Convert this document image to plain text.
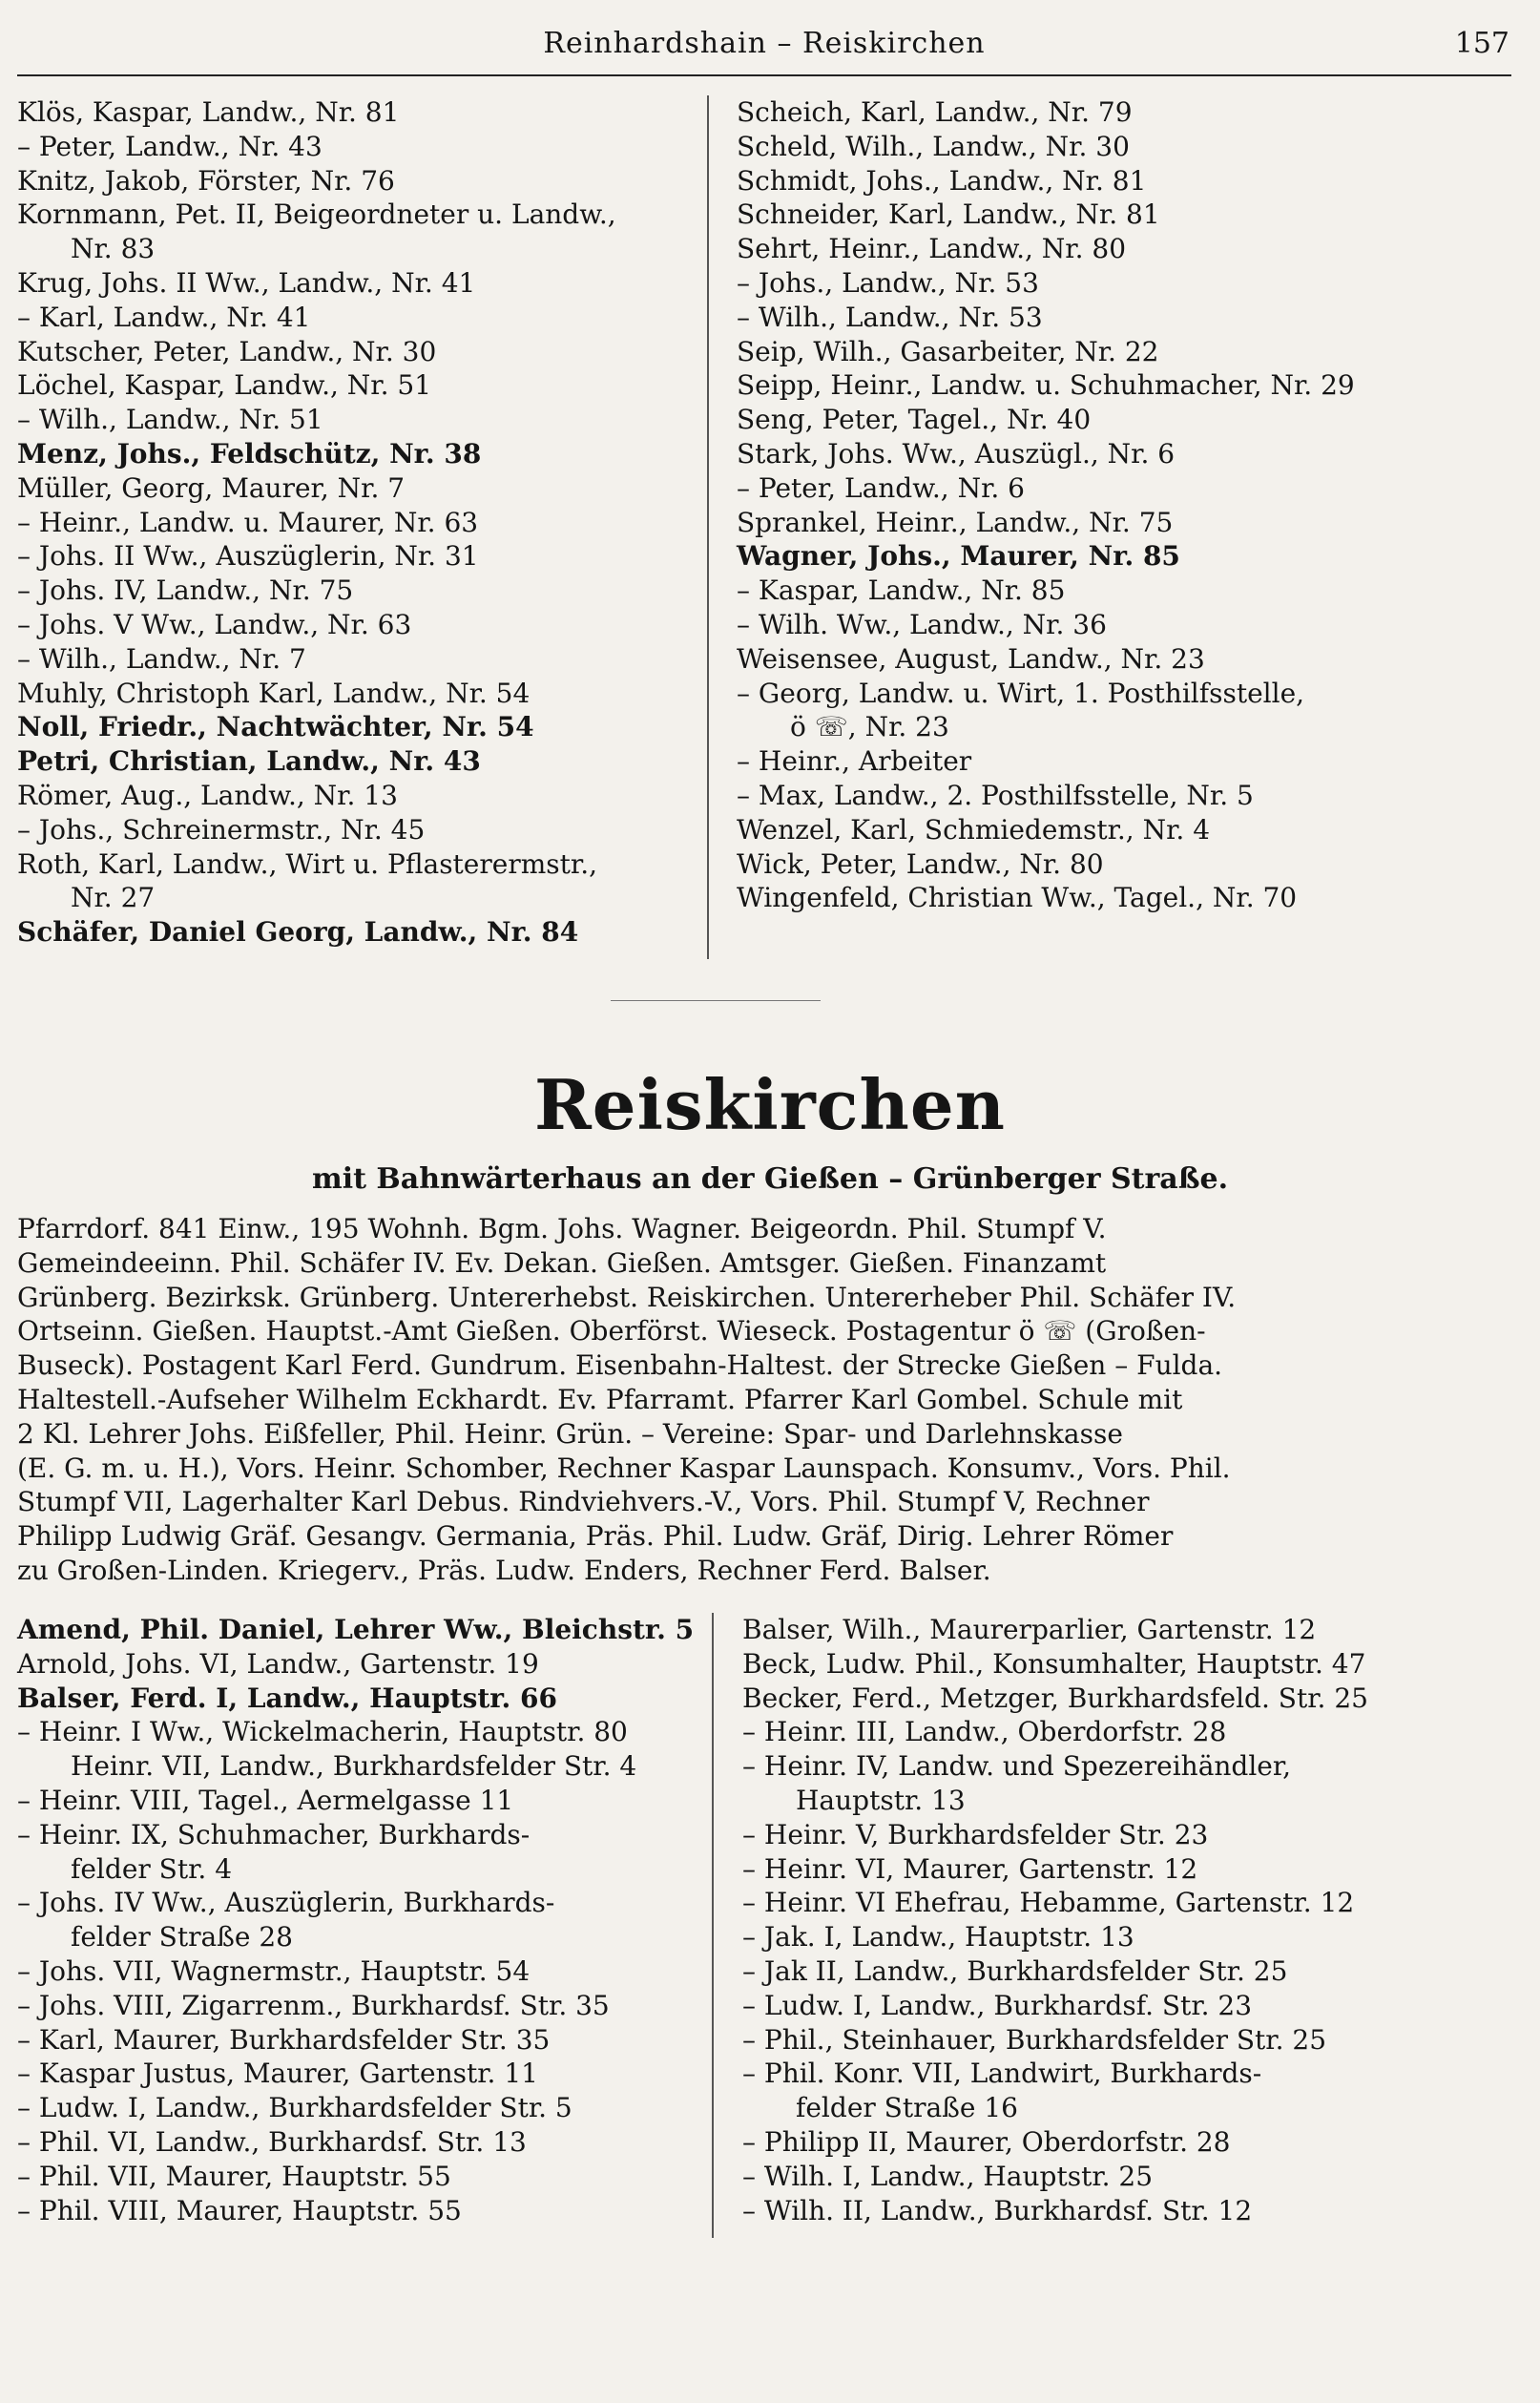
Reinhardshain – Reiskirchen	157
Klös, Kaspar, Landw., Nr. 81
– Peter, Landw., Nr. 43
Knitz, Jakob, Förster, Nr. 76
Kornmann, Pet. II, Beigeordneter u. Landw.,
Nr. 83
Krug, Johs. II Ww., Landw., Nr. 41
– Karl, Landw., Nr. 41
Kutscher, Peter, Landw., Nr. 30
Löchel, Kaspar, Landw., Nr. 51
– Wilh., Landw., Nr. 51
Menz, Johs., Feldschütz, Nr. 38
Müller, Georg, Maurer, Nr. 7
– Heinr., Landw. u. Maurer, Nr. 63
– Johs. II Ww., Auszüglerin, Nr. 31
– Johs. IV, Landw., Nr. 75
– Johs. V Ww., Landw., Nr. 63
– Wilh., Landw., Nr. 7
Muhly, Christoph Karl, Landw., Nr. 54
Noll, Friedr., Nachtwächter, Nr. 54
Petri, Christian, Landw., Nr. 43
Römer, Aug., Landw., Nr. 13
– Johs., Schreinermstr., Nr. 45
Roth, Karl, Landw., Wirt u. Pflasterermstr.,
Nr. 27
Schäfer, Daniel Georg, Landw., Nr. 84
Scheich, Karl, Landw., Nr. 79
Scheld, Wilh., Landw., Nr. 30
Schmidt, Johs., Landw., Nr. 81
Schneider, Karl, Landw., Nr. 81
Sehrt, Heinr., Landw., Nr. 80
– Johs., Landw., Nr. 53
– Wilh., Landw., Nr. 53
Seip, Wilh., Gasarbeiter, Nr. 22
Seipp, Heinr., Landw. u. Schuhmacher, Nr. 29
Seng, Peter, Tagel., Nr. 40
Stark, Johs. Ww., Auszügl., Nr. 6
– Peter, Landw., Nr. 6
Sprankel, Heinr., Landw., Nr. 75
Wagner, Johs., Maurer, Nr. 85
– Kaspar, Landw., Nr. 85
– Wilh. Ww., Landw., Nr. 36
Weisensee, August, Landw., Nr. 23
– Georg, Landw. u. Wirt, 1. Posthilfsstelle,
ö ☏, Nr. 23
– Heinr., Arbeiter
– Max, Landw., 2. Posthilfsstelle, Nr. 5
Wenzel, Karl, Schmiedemstr., Nr. 4
Wick, Peter, Landw., Nr. 80
Wingenfeld, Christian Ww., Tagel., Nr. 70
Reiskirchen
mit Bahnwärterhaus an der Gießen – Grünberger Straße.
Pfarrdorf. 841 Einw., 195 Wohnh. Bgm. Johs. Wagner. Beigeordn. Phil. Stumpf V.
Gemeindeeinn. Phil. Schäfer IV. Ev. Dekan. Gießen. Amtsger. Gießen. Finanzamt
Grünberg. Bezirksk. Grünberg. Untererhebst. Reiskirchen. Untererheber Phil. Schäfer IV.
Ortseinn. Gießen. Hauptst.-Amt Gießen. Oberförst. Wieseck. Postagentur ö ☏ (Großen-
Buseck). Postagent Karl Ferd. Gundrum. Eisenbahn-Haltest. der Strecke Gießen – Fulda.
Haltestell.-Aufseher Wilhelm Eckhardt. Ev. Pfarramt. Pfarrer Karl Gombel. Schule mit
2 Kl. Lehrer Johs. Eißfeller, Phil. Heinr. Grün. – Vereine: Spar- und Darlehnskasse
(E. G. m. u. H.), Vors. Heinr. Schomber, Rechner Kaspar Launspach. Konsumv., Vors. Phil.
Stumpf VII, Lagerhalter Karl Debus. Rindviehvers.-V., Vors. Phil. Stumpf V, Rechner
Philipp Ludwig Gräf. Gesangv. Germania, Präs. Phil. Ludw. Gräf, Dirig. Lehrer Römer
zu Großen-Linden. Kriegerv., Präs. Ludw. Enders, Rechner Ferd. Balser.
Amend, Phil. Daniel, Lehrer Ww., Bleichstr. 5
Arnold, Johs. VI, Landw., Gartenstr. 19
Balser, Ferd. I, Landw., Hauptstr. 66
– Heinr. I Ww., Wickelmacherin, Hauptstr. 80
Heinr. VII, Landw., Burkhardsfelder Str. 4
– Heinr. VIII, Tagel., Aermelgasse 11
– Heinr. IX, Schuhmacher, Burkhards-
felder Str. 4
– Johs. IV Ww., Auszüglerin, Burkhards-
felder Straße 28
– Johs. VII, Wagnermstr., Hauptstr. 54
– Johs. VIII, Zigarrenm., Burkhardsf. Str. 35
– Karl, Maurer, Burkhardsfelder Str. 35
– Kaspar Justus, Maurer, Gartenstr. 11
– Ludw. I, Landw., Burkhardsfelder Str. 5
– Phil. VI, Landw., Burkhardsf. Str. 13
– Phil. VII, Maurer, Hauptstr. 55
– Phil. VIII, Maurer, Hauptstr. 55
Balser, Wilh., Maurerparlier, Gartenstr. 12
Beck, Ludw. Phil., Konsumhalter, Hauptstr. 47
Becker, Ferd., Metzger, Burkhardsfeld. Str. 25
– Heinr. III, Landw., Oberdorfstr. 28
– Heinr. IV, Landw. und Spezereihändler,
Hauptstr. 13
– Heinr. V, Burkhardsfelder Str. 23
– Heinr. VI, Maurer, Gartenstr. 12
– Heinr. VI Ehefrau, Hebamme, Gartenstr. 12
– Jak. I, Landw., Hauptstr. 13
– Jak II, Landw., Burkhardsfelder Str. 25
– Ludw. I, Landw., Burkhardsf. Str. 23
– Phil., Steinhauer, Burkhardsfelder Str. 25
– Phil. Konr. VII, Landwirt, Burkhards-
felder Straße 16
– Philipp II, Maurer, Oberdorfstr. 28
– Wilh. I, Landw., Hauptstr. 25
– Wilh. II, Landw., Burkhardsf. Str. 12
